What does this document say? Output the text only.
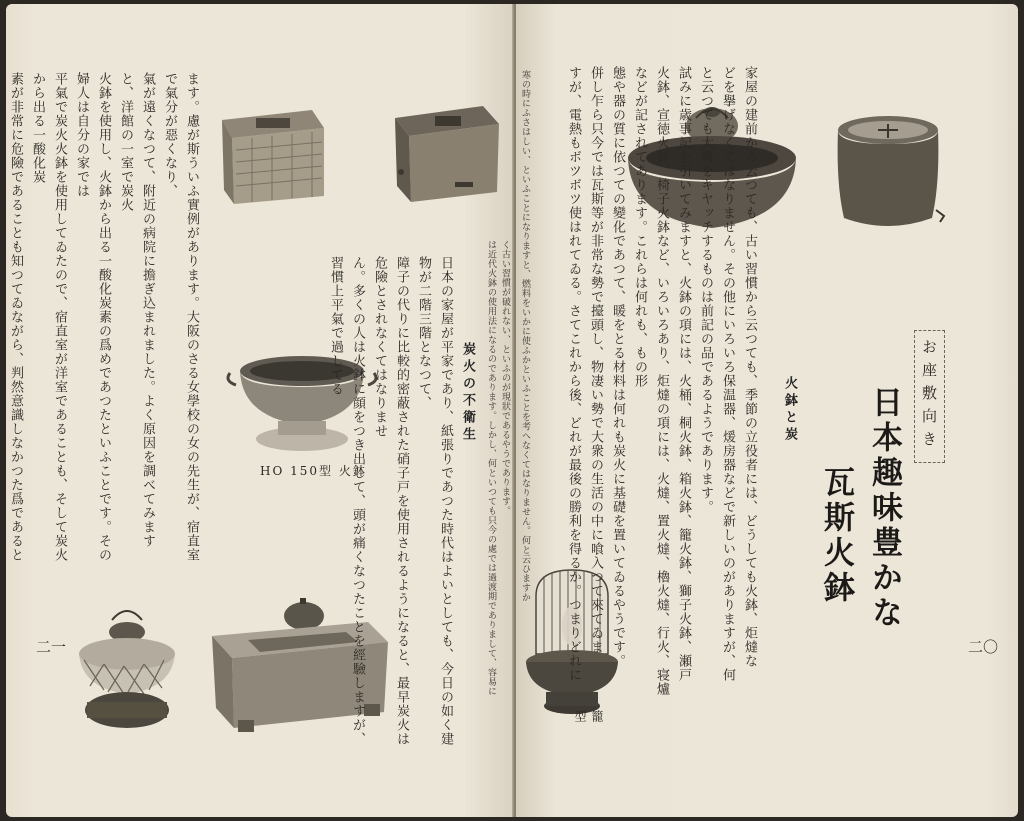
HO 150型 火鉢
ます。慮が斯ういふ實例があります。大阪のさる女學校の女の先生が、宿直室で氣分が惡くなり、
氣が遠くなつて、附近の病院に擔ぎ込まれました。よく原因を調べてみますと、洋館の一室で炭火
火鉢を使用し、火鉢から出る一酸化炭素の爲めであつたといふことです。その婦人は自分の家では
平氣で炭火火鉢を使用してゐたので、宿直室が洋室であることも、そして炭火から出る一酸化炭
素が非常に危險であることも知つてゐながら、判然意識しなかつた爲であると

炭火の不衛生
日本の家屋が平家であり、紙張りであつた時代はよいとしても、今日の如く建物が二階三階となつて、
障子の代りに比較的密蔽された硝子戸を使用されるようになると、最早炭火は危險とされなくてはなりませ
ん。多くの人は火鉢に顔をつき出して、頭が痛くなつたことを經驗しますが、習慣上平氣で過してる	く古い習慣が破れない、といふのが現狀であるやうであります。
は近代火鉢の使用法になるのであります。しかし、何といつても只今の處では過渡期でありまして、容易に
二一
籠　型
お座敷向き
日本趣味豊かな
瓦斯火鉢
火鉢と炭
家屋の建前から云つても、古い習慣から云つても、季節の立役者には、どうしても火鉢、炬燵な
どを擧げなくてはなりません。その他にいろいろ保温器、煖房器などで新しいのがありますが、何
と云つても大衆をキヤッチするものは前記の品であるようであります。
試みに歳事記を引いてみますと、火鉢の項には、火桶、桐火鉢、箱火鉢、籠火鉢、獅子火鉢、瀬戸
火鉢、宣徳火鉢、椅子火鉢など、いろいろあり、炬燵の項には、火燵、置火燵、櫓火燵、行火、寝爐
などが記されてあります。これらは何れも、もの形
態や器の質に依つての變化であつて、暖をとる材料は何れも炭火に基礎を置いてゐるやうです。
併し乍ら只今では瓦斯等が非常な勢で擡頭し、物凄い勢で大衆の生活の中に喰入つて來てゐま
すが、電熱もボツボツ使はれてゐる。さてこれから後、どれが最後の勝利を得るか。つまりどれに
寒の時にふさはしい、といふことになりますと、燃料をいかに使ふかといふことを考へなくてはなりません。何と云ひますか
二〇
